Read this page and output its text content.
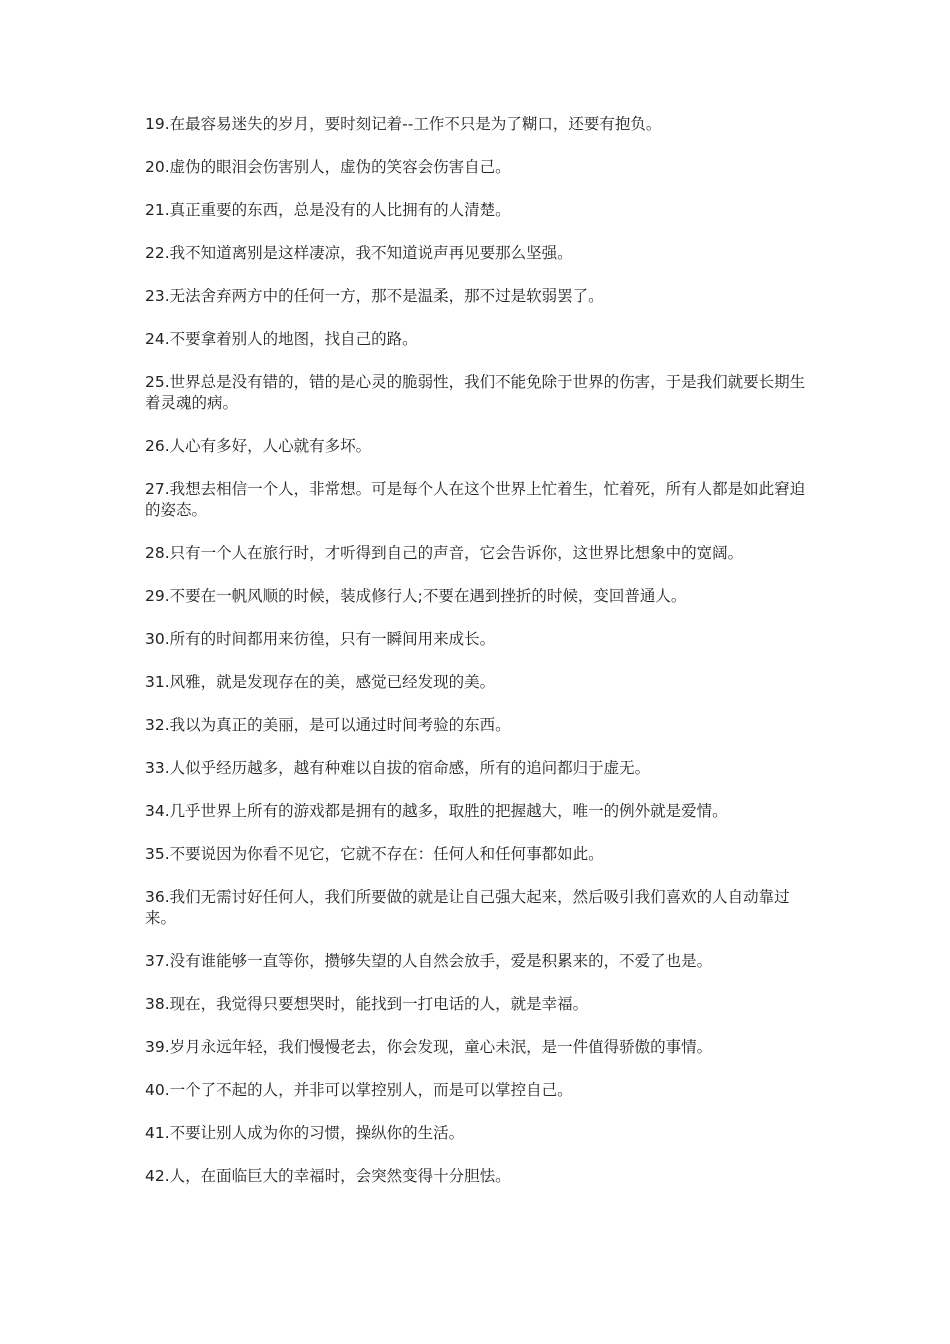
19.在最容易迷失的岁月，要时刻记着--工作不只是为了糊口，还要有抱负。
20.虚伪的眼泪会伤害别人，虚伪的笑容会伤害自己。
21.真正重要的东西，总是没有的人比拥有的人清楚。
22.我不知道离别是这样凄凉，我不知道说声再见要那么坚强。
23.无法舍弃两方中的任何一方，那不是温柔，那不过是软弱罢了。
24.不要拿着别人的地图，找自己的路。
25.世界总是没有错的，错的是心灵的脆弱性，我们不能免除于世界的伤害，于是我们就要长期生着灵魂的病。
26.人心有多好，人心就有多坏。
27.我想去相信一个人，非常想。可是每个人在这个世界上忙着生，忙着死，所有人都是如此窘迫的姿态。
28.只有一个人在旅行时，才听得到自己的声音，它会告诉你，这世界比想象中的宽阔。
29.不要在一帆风顺的时候，装成修行人;不要在遇到挫折的时候，变回普通人。
30.所有的时间都用来彷徨，只有一瞬间用来成长。
31.风雅，就是发现存在的美，感觉已经发现的美。
32.我以为真正的美丽，是可以通过时间考验的东西。
33.人似乎经历越多，越有种难以自拔的宿命感，所有的追问都归于虚无。
34.几乎世界上所有的游戏都是拥有的越多，取胜的把握越大，唯一的例外就是爱情。
35.不要说因为你看不见它，它就不存在：任何人和任何事都如此。
36.我们无需讨好任何人，我们所要做的就是让自己强大起来，然后吸引我们喜欢的人自动靠过来。
37.没有谁能够一直等你，攒够失望的人自然会放手，爱是积累来的，不爱了也是。
38.现在，我觉得只要想哭时，能找到一打电话的人，就是幸福。
39.岁月永远年轻，我们慢慢老去，你会发现，童心未泯，是一件值得骄傲的事情。
40.一个了不起的人，并非可以掌控别人，而是可以掌控自己。
41.不要让别人成为你的习惯，操纵你的生活。
42.人，在面临巨大的幸福时，会突然变得十分胆怯。
